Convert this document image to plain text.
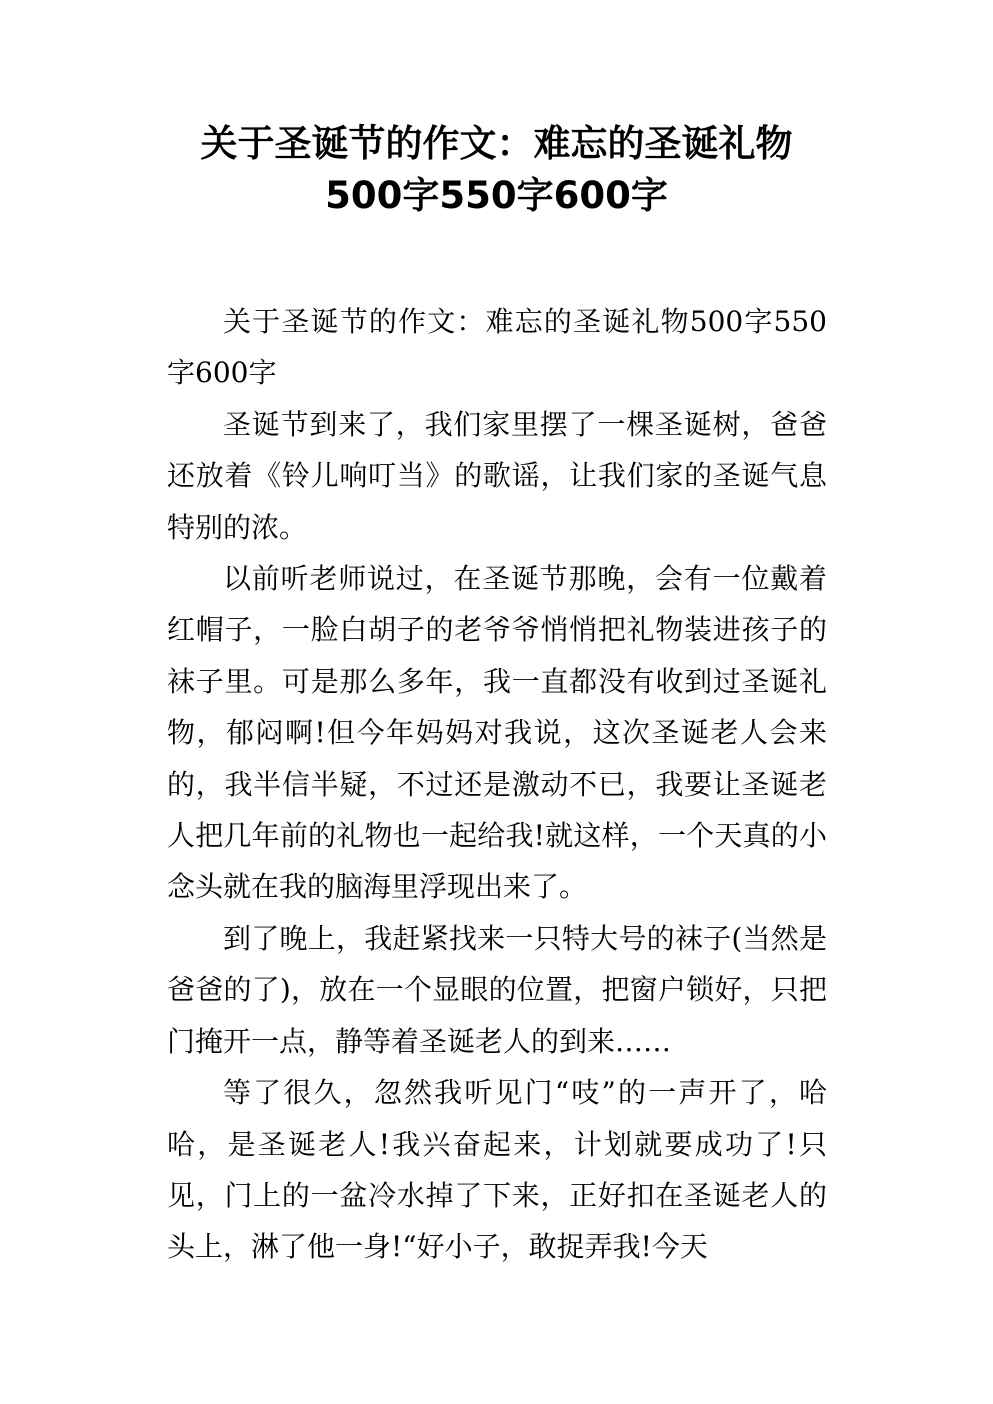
关于圣诞节的作文：难忘的圣诞礼物
500字550字600字

关于圣诞节的作文：难忘的圣诞礼物500字550字600字

圣诞节到来了，我们家里摆了一棵圣诞树，爸爸还放着《铃儿响叮当》的歌谣，让我们家的圣诞气息特别的浓。

以前听老师说过，在圣诞节那晚，会有一位戴着红帽子，一脸白胡子的老爷爷悄悄把礼物装进孩子的袜子里。可是那么多年，我一直都没有收到过圣诞礼物，郁闷啊!但今年妈妈对我说，这次圣诞老人会来的，我半信半疑，不过还是激动不已，我要让圣诞老人把几年前的礼物也一起给我!就这样，一个天真的小念头就在我的脑海里浮现出来了。

到了晚上，我赶紧找来一只特大号的袜子(当然是爸爸的了)，放在一个显眼的位置，把窗户锁好，只把门掩开一点，静等着圣诞老人的到来……

等了很久，忽然我听见门“吱”的一声开了，哈哈，是圣诞老人!我兴奋起来，计划就要成功了!只见，门上的一盆冷水掉了下来，正好扣在圣诞老人的头上，淋了他一身!“好小子，敢捉弄我!今天
